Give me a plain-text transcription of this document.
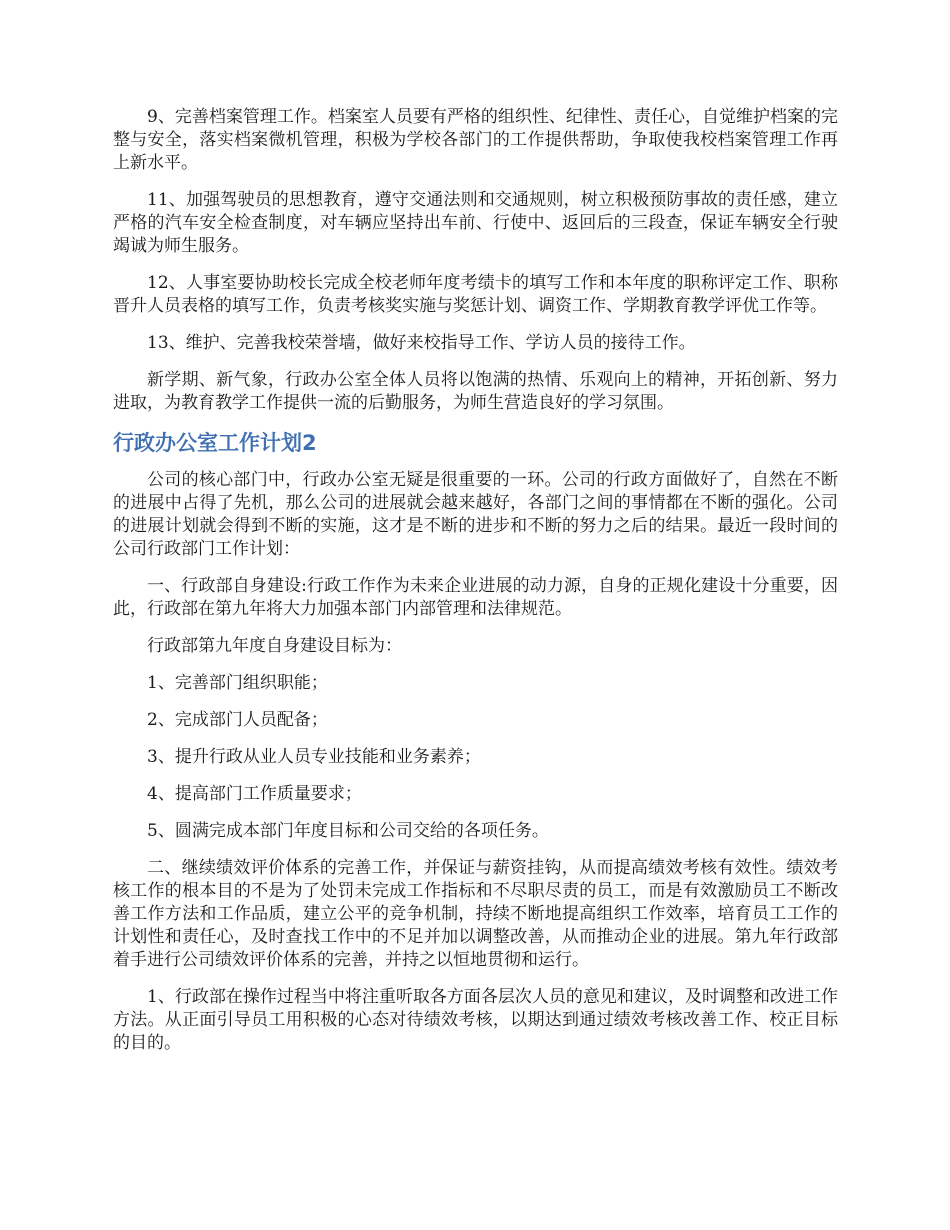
9、完善档案管理工作。档案室人员要有严格的组织性、纪律性、责任心，自觉维护档案的完整与安全，落实档案微机管理，积极为学校各部门的工作提供帮助，争取使我校档案管理工作再上新水平。

11、加强驾驶员的思想教育，遵守交通法则和交通规则，树立积极预防事故的责任感，建立严格的汽车安全检查制度，对车辆应坚持出车前、行使中、返回后的三段查，保证车辆安全行驶竭诚为师生服务。

12、人事室要协助校长完成全校老师年度考绩卡的填写工作和本年度的职称评定工作、职称晋升人员表格的填写工作，负责考核奖实施与奖惩计划、调资工作、学期教育教学评优工作等。

13、维护、完善我校荣誉墙，做好来校指导工作、学访人员的接待工作。

新学期、新气象，行政办公室全体人员将以饱满的热情、乐观向上的精神，开拓创新、努力进取，为教育教学工作提供一流的后勤服务，为师生营造良好的学习氛围。

行政办公室工作计划2

公司的核心部门中，行政办公室无疑是很重要的一环。公司的行政方面做好了，自然在不断的进展中占得了先机，那么公司的进展就会越来越好，各部门之间的事情都在不断的强化。公司的进展计划就会得到不断的实施，这才是不断的进步和不断的努力之后的结果。最近一段时间的公司行政部门工作计划：

一、行政部自身建设:行政工作作为未来企业进展的动力源，自身的正规化建设十分重要，因此，行政部在第九年将大力加强本部门内部管理和法律规范。

行政部第九年度自身建设目标为：

1、完善部门组织职能；

2、完成部门人员配备；

3、提升行政从业人员专业技能和业务素养；

4、提高部门工作质量要求；

5、圆满完成本部门年度目标和公司交给的各项任务。

二、继续绩效评价体系的完善工作，并保证与薪资挂钩，从而提高绩效考核有效性。绩效考核工作的根本目的不是为了处罚未完成工作指标和不尽职尽责的员工，而是有效激励员工不断改善工作方法和工作品质，建立公平的竞争机制，持续不断地提高组织工作效率，培育员工工作的计划性和责任心，及时查找工作中的不足并加以调整改善，从而推动企业的进展。第九年行政部着手进行公司绩效评价体系的完善，并持之以恒地贯彻和运行。

1、行政部在操作过程当中将注重听取各方面各层次人员的意见和建议，及时调整和改进工作方法。从正面引导员工用积极的心态对待绩效考核，以期达到通过绩效考核改善工作、校正目标的目的。
